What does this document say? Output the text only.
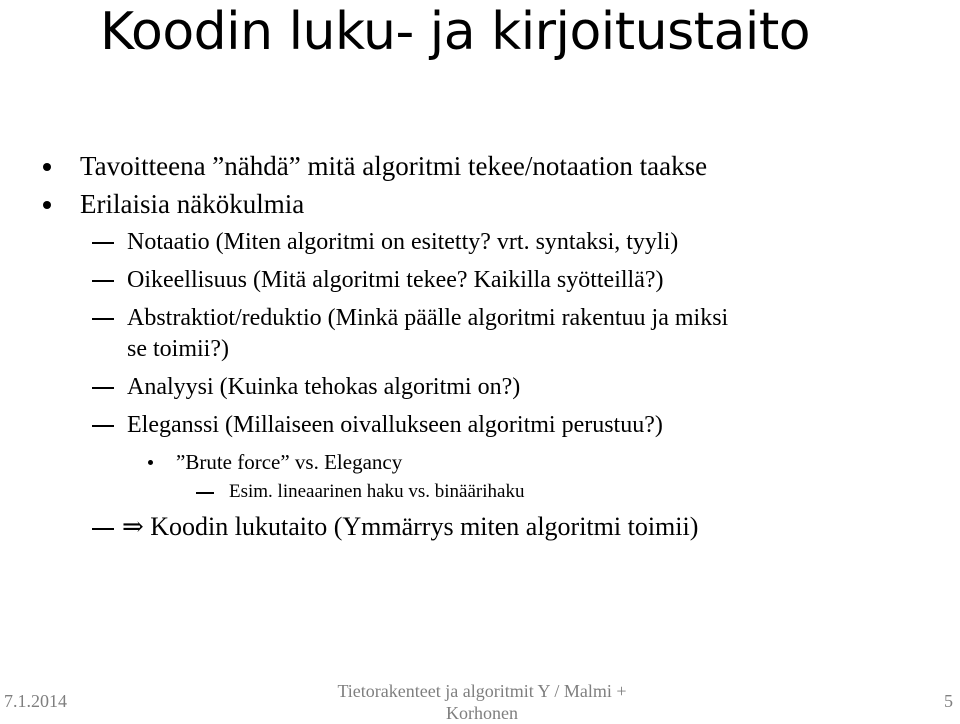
Koodin luku- ja kirjoitustaito
Tavoitteena ”nähdä” mitä algoritmi tekee/notaation taakse
Erilaisia näkökulmia
Notaatio (Miten algoritmi on esitetty? vrt. syntaksi, tyyli)
Oikeellisuus (Mitä algoritmi tekee? Kaikilla syötteillä?)
Abstraktiot/reduktio (Minkä päälle algoritmi rakentuu ja miksi
se toimii?)
Analyysi (Kuinka tehokas algoritmi on?)
Eleganssi (Millaiseen oivallukseen algoritmi perustuu?)
”Brute force” vs. Elegancy
Esim. lineaarinen haku vs. binäärihaku
⇒ Koodin lukutaito (Ymmärrys miten algoritmi toimii)
7.1.2014	Tietorakenteet ja algoritmit Y / Malmi +
Korhonen
5
